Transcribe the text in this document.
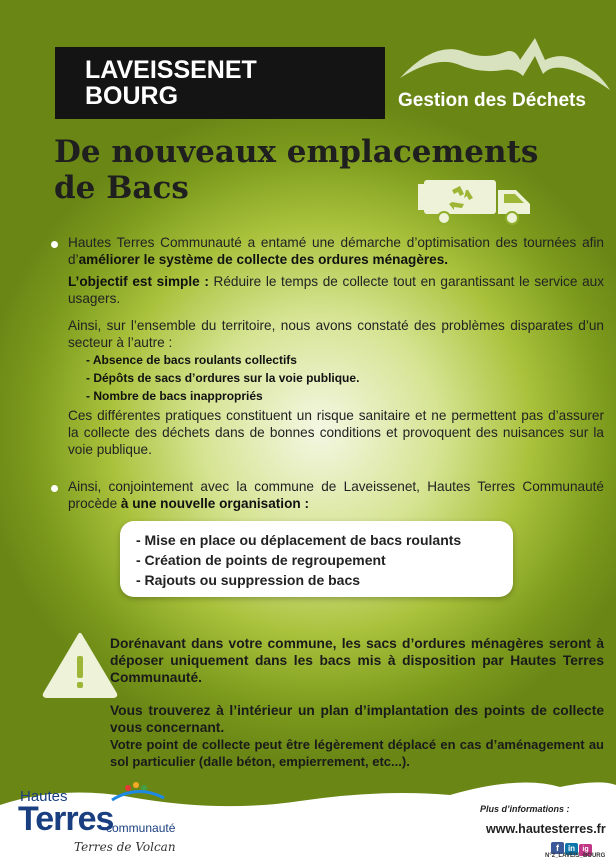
LAVEISSENET
BOURG	Gestion des Déchets
De nouveaux emplacements
de Bacs
Hautes Terres Communauté a entamé une démarche d’optimisation des tournées afin d’améliorer le système de collecte des ordures ménagères.
L’objectif est simple : Réduire le temps de collecte tout en garantissant le service aux usagers.
Ainsi, sur l’ensemble du territoire, nous avons constaté des problèmes disparates d’un secteur à l’autre :
- Absence de bacs roulants collectifs
- Dépôts de sacs d’ordures sur la voie publique.
- Nombre de bacs inappropriés
Ces différentes pratiques constituent un risque sanitaire et ne permettent pas d’assurer la collecte des déchets dans de bonnes conditions et provoquent des nuisances sur la voie publique.
Ainsi, conjointement avec la commune de Laveissenet, Hautes Terres Communauté procède à une nouvelle organisation :
- Mise en place ou déplacement de bacs roulants
- Création de points de regroupement
- Rajouts ou suppression de bacs
Dorénavant dans votre commune, les sacs d’ordures ménagères seront à déposer uniquement dans les bacs mis à disposition par Hautes Terres Communauté.
Vous trouverez à l’intérieur un plan d’implantation des points de collecte vous concernant.
Votre point de collecte peut être légèrement déplacé en cas d’aménagement au sol particulier (dalle béton, empierrement, etc...).
Hautes
Terres
communauté
Terres de Volcan
Plus d’informations :
www.hautesterres.fr
f in ig
N°2_LAVEIS_BOURG
